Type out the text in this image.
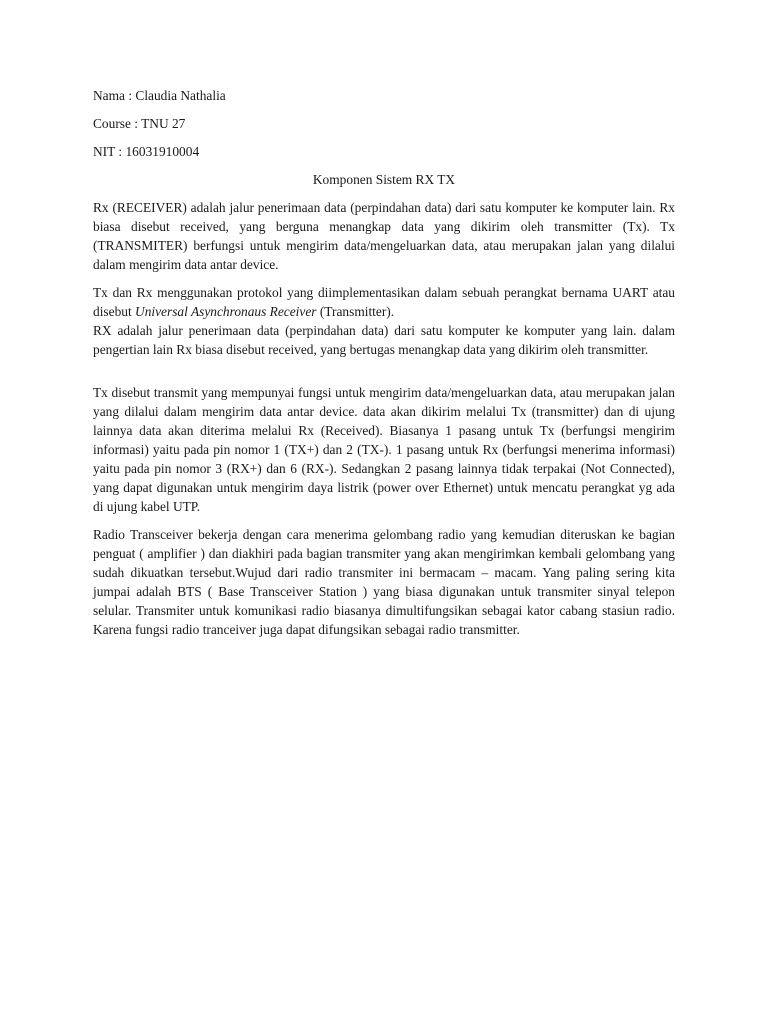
Nama : Claudia Nathalia

Course : TNU 27

NIT : 16031910004

Komponen Sistem RX TX

Rx (RECEIVER) adalah jalur penerimaan data (perpindahan data) dari satu komputer ke komputer lain. Rx biasa disebut received, yang berguna menangkap data yang dikirim oleh transmitter (Tx). Tx (TRANSMITER) berfungsi untuk mengirim data/mengeluarkan data, atau merupakan jalan yang dilalui dalam mengirim data antar device.

Tx dan Rx menggunakan protokol yang diimplementasikan dalam sebuah perangkat bernama UART atau disebut Universal Asynchronaus Receiver (Transmitter).

RX adalah jalur penerimaan data (perpindahan data) dari satu komputer ke komputer yang lain. dalam pengertian lain Rx biasa disebut received, yang bertugas menangkap data yang dikirim oleh transmitter.

Tx disebut transmit yang mempunyai fungsi untuk mengirim data/mengeluarkan data, atau merupakan jalan yang dilalui dalam mengirim data antar device. data akan dikirim melalui Tx (transmitter) dan di ujung lainnya data akan diterima melalui Rx (Received). Biasanya 1 pasang untuk Tx (berfungsi mengirim informasi) yaitu pada pin nomor 1 (TX+) dan 2 (TX-). 1 pasang untuk Rx (berfungsi menerima informasi) yaitu pada pin nomor 3 (RX+) dan 6 (RX-). Sedangkan 2 pasang lainnya tidak terpakai (Not Connected), yang dapat digunakan untuk mengirim daya listrik (power over Ethernet) untuk mencatu perangkat yg ada di ujung kabel UTP.

Radio Transceiver bekerja dengan cara menerima gelombang radio yang kemudian diteruskan ke bagian penguat ( amplifier ) dan diakhiri pada bagian transmiter yang akan mengirimkan kembali gelombang yang sudah dikuatkan tersebut.Wujud dari radio transmiter ini bermacam – macam. Yang paling sering kita jumpai adalah BTS ( Base Transceiver Station ) yang biasa digunakan untuk transmiter sinyal telepon selular. Transmiter untuk komunikasi radio biasanya dimultifungsikan sebagai kator cabang stasiun radio. Karena fungsi radio tranceiver juga dapat difungsikan sebagai radio transmitter.
